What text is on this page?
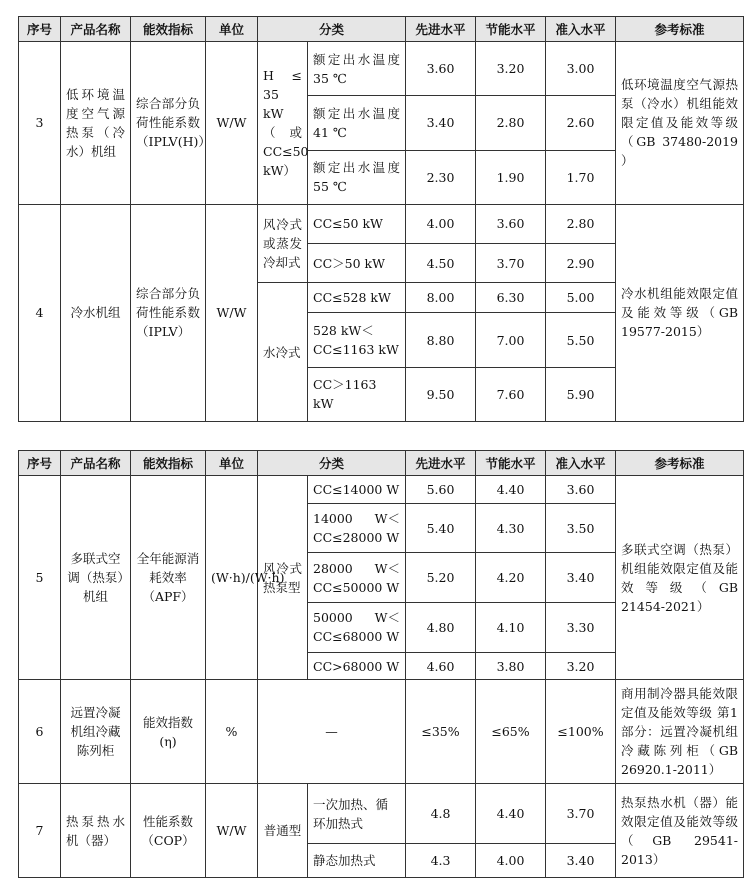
序号	产品名称	能效指标	单位	分类		先进水平	节能水平	准入水平	参考标准
3	低环境温度空气源热泵（冷水）机组	综合部分负荷性能系数（IPLV(H)）	W/W	H ≤ 35 kW（或CC≤50 kW）	额定出水温度 35 ℃	3.60	3.20	3.00	低环境温度空气源热泵（冷水）机组能效限定值及能效等级（GB 37480-2019 ）
					额定出水温度 41 ℃	3.40	2.80	2.60	
					额定出水温度 55 ℃	2.30	1.90	1.70	
4	冷水机组	综合部分负荷性能系数（IPLV）	W/W	风冷式或蒸发冷却式	CC≤50 kW	4.00	3.60	2.80	冷水机组能效限定值及能效等级（GB 19577-2015）
					CC＞50 kW	4.50	3.70	2.90	
				水冷式	CC≤528 kW	8.00	6.30	5.00	
					528 kW＜CC≤1163 kW	8.80	7.00	5.50	
					CC＞1163 kW	9.50	7.60	5.90	
序号	产品名称	能效指标	单位	分类		先进水平	节能水平	准入水平	参考标准
5	多联式空调（热泵）机组	全年能源消耗效率（APF）	(W·h)/(W·h)	风冷式热泵型	CC≤14000 W	5.60	4.40	3.60	多联式空调（热泵）机组能效限定值及能效等级（GB 21454-2021）
					14000 W＜CC≤28000 W	5.40	4.30	3.50	
					28000 W＜CC≤50000 W	5.20	4.20	3.40	
					50000 W＜CC≤68000 W	4.80	4.10	3.30	
					CC>68000 W	4.60	3.80	3.20	
6	远置冷凝机组冷藏陈列柜	能效指数(η)	%	—		≤35%	≤65%	≤100%	商用制冷器具能效限定值及能效等级 第1部分：远置冷凝机组冷藏陈列柜（GB 26920.1-2011）
7	热泵热水机（器）	性能系数（COP）	W/W	普通型	一次加热、循环加热式	4.8	4.40	3.70	热泵热水机（器）能效限定值及能效等级（GB 29541-2013）
					静态加热式	4.3	4.00	3.40	
